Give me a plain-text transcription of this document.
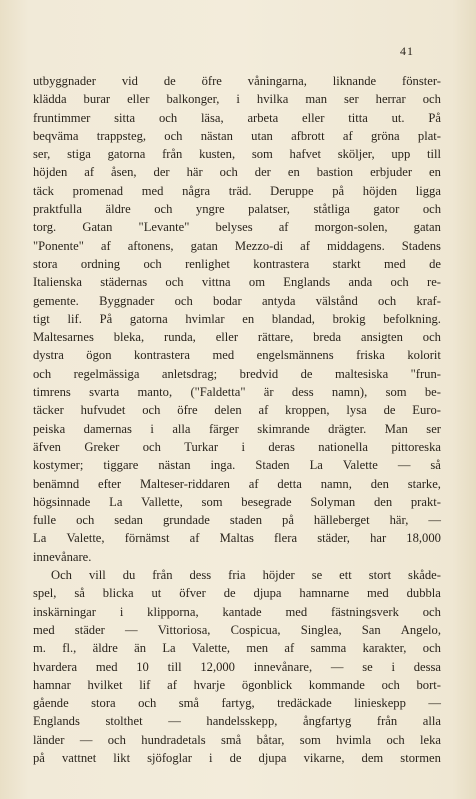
41
utbyggnader vid de öfre våningarna, liknande fönster-
klädda burar eller balkonger, i hvilka man ser herrar och
fruntimmer sitta och läsa, arbeta eller titta ut. På
beqväma trappsteg, och nästan utan afbrott af gröna plat-
ser, stiga gatorna från kusten, som hafvet sköljer, upp till
höjden af åsen, der här och der en bastion erbjuder en
täck promenad med några träd. Deruppe på höjden ligga
praktfulla äldre och yngre palatser, ståtliga gator och
torg. Gatan "Levante" belyses af morgon-solen, gatan
"Ponente" af aftonens, gatan Mezzo-di af middagens. Stadens
stora ordning och renlighet kontrastera starkt med de
Italienska städernas och vittna om Englands anda och re-
gemente. Byggnader och bodar antyda välstånd och kraf-
tigt lif. På gatorna hvimlar en blandad, brokig befolkning.
Maltesarnes bleka, runda, eller rättare, breda ansigten och
dystra ögon kontrastera med engelsmännens friska kolorit
och regelmässiga anletsdrag; bredvid de maltesiska "frun-
timrens svarta manto, ("Faldetta" är dess namn), som be-
täcker hufvudet och öfre delen af kroppen, lysa de Euro-
peiska damernas i alla färger skimrande drägter. Man ser
äfven Greker och Turkar i deras nationella pittoreska
kostymer; tiggare nästan inga. Staden La Valette — så
benämnd efter Malteser-riddaren af detta namn, den starke,
högsinnade La Vallette, som besegrade Solyman den prakt-
fulle och sedan grundade staden på hälleberget här, —
La Valette, förnämst af Maltas flera städer, har 18,000
innevånare.
Och vill du från dess fria höjder se ett stort skåde-
spel, så blicka ut öfver de djupa hamnarne med dubbla
inskärningar i klipporna, kantade med fästningsverk och
med städer — Vittoriosa, Cospicua, Singlea, San Angelo,
m. fl., äldre än La Valette, men af samma karakter, och
hvardera med 10 till 12,000 innevånare, — se i dessa
hamnar hvilket lif af hvarje ögonblick kommande och bort-
gående stora och små fartyg, tredäckade linieskepp —
Englands stolthet — handelsskepp, ångfartyg från alla
länder — och hundradetals små båtar, som hvimla och leka
på vattnet likt sjöfoglar i de djupa vikarne, dem stormen
